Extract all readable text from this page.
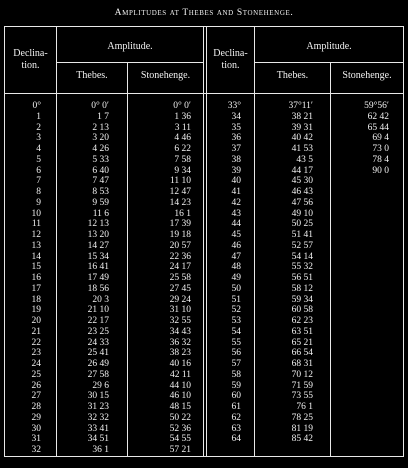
Amplitudes at Thebes and Stonehenge.
Declina-
tion.
Amplitude.
Thebes.	Stonehenge.
Declina-
tion.
Amplitude.
Thebes.	Stonehenge.
0°
1
2
3
4
5
6
7
8
9
10
11
12
13
14
15
16
17
18
19
20
21
22
23
24
25
26
27
28
29
30
31
32
0° 0′
1 7
2 13
3 20
4 26
5 33
6 40
7 47
8 53
9 59
11 6
12 13
13 20
14 27
15 34
16 41
17 49
18 56
20 3
21 10
22 17
23 25
24 33
25 41
26 49
27 58
29 6
30 15
31 23
32 32
33 41
34 51
36 1
0° 0′
1 36
3 11
4 46
6 22
7 58
9 34
11 10
12 47
14 23
16 1
17 39
19 18
20 57
22 36
24 17
25 58
27 45
29 24
31 10
32 55
34 43
36 32
38 23
40 16
42 11
44 10
46 10
48 15
50 22
52 36
54 55
57 21
33°
34
35
36
37
38
39
40
41
42
43
44
45
46
47
48
49
50
51
52
53
54
55
56
57
58
59
60
61
62
63
64
37°11′
38 21
39 31
40 42
41 53
43 5
44 17
45 30
46 43
47 56
49 10
50 25
51 41
52 57
54 14
55 32
56 51
58 12
59 34
60 58
62 23
63 51
65 21
66 54
68 31
70 12
71 59
73 55
76 1
78 25
81 19
85 42
59°56′
62 42
65 44
69 4
73 0
78 4
90 0
